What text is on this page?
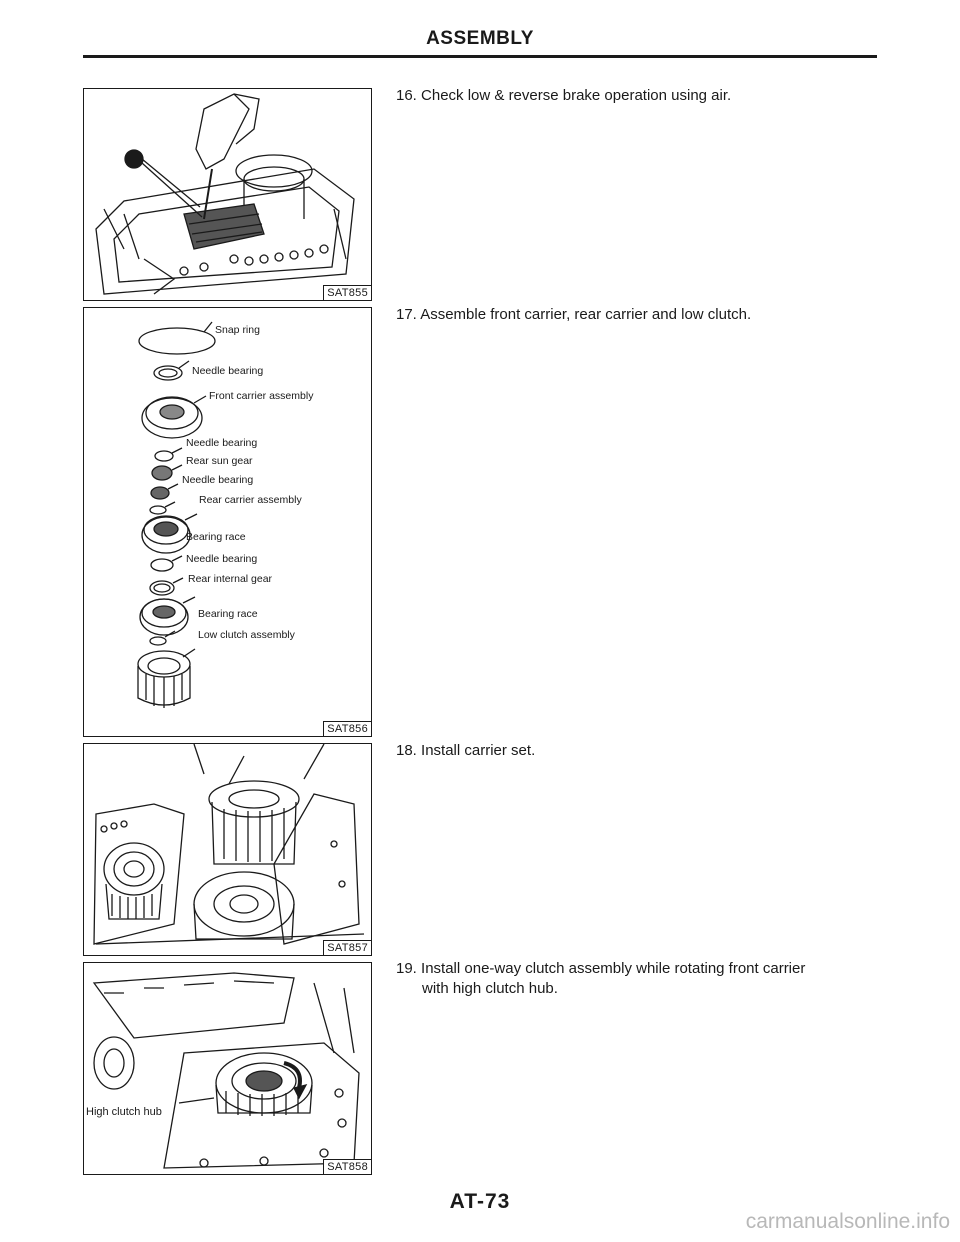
ASSEMBLY
SAT855
Snap ring
Needle bearing
Front carrier assembly
Needle bearing
Rear sun gear
Needle bearing
Rear carrier assembly
Bearing race
Needle bearing
Rear internal gear
Bearing race
Low clutch assembly
SAT856
SAT857
High clutch hub
SAT858
16. Check low & reverse brake operation using air.
17. Assemble front carrier, rear carrier and low clutch.
18. Install carrier set.
19. Install one-way clutch assembly while rotating front carrier
with high clutch hub.
AT-73
carmanualsonline.info
